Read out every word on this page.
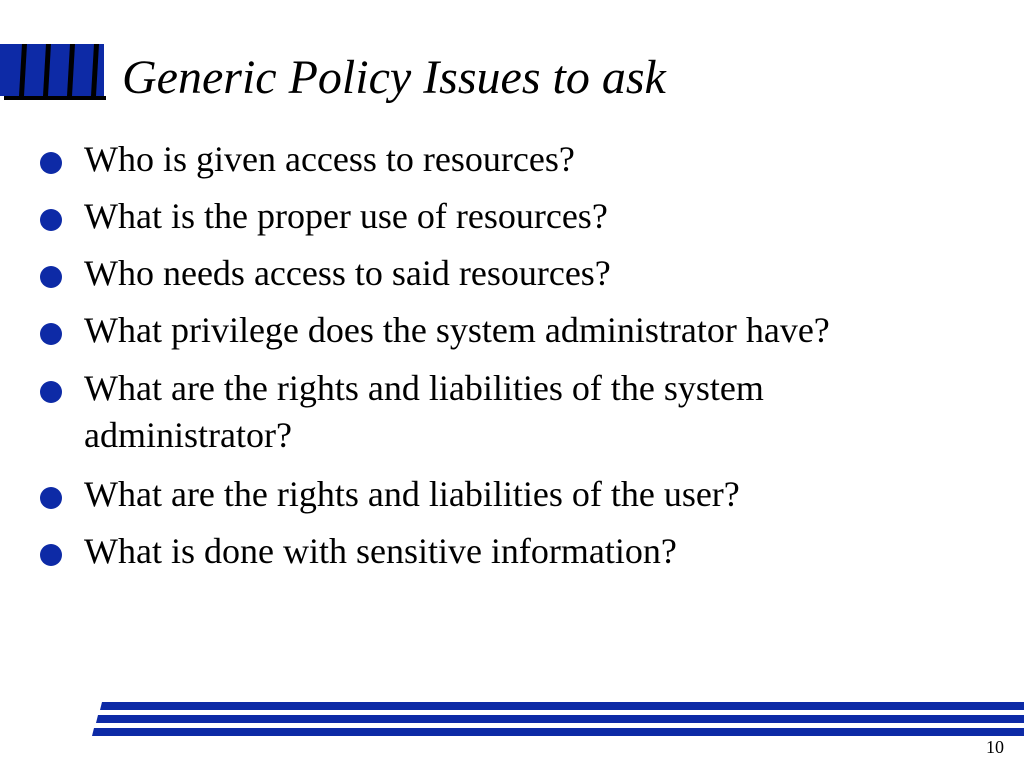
Generic Policy Issues to ask
Who is given access to resources?
What is the proper use of resources?
Who needs access to said resources?
What privilege does the system administrator have?
What are the rights and liabilities of the system administrator?
What are the rights and liabilities of the user?
What is done with sensitive information?
10
